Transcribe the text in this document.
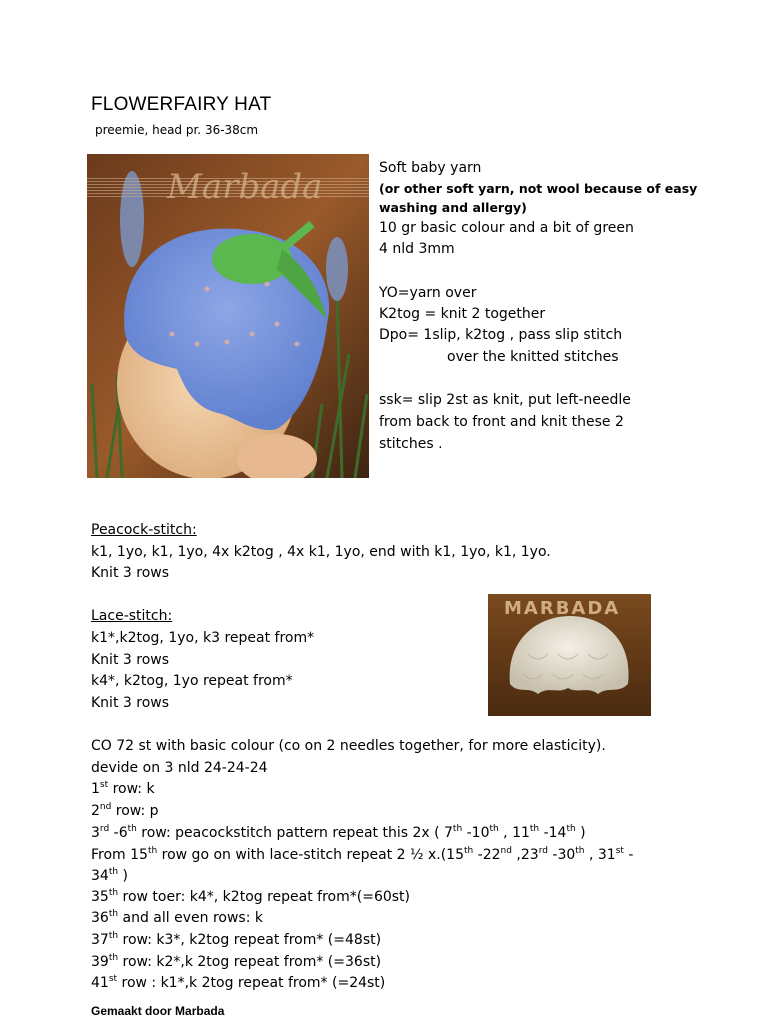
FLOWERFAIRY HAT
preemie, head pr. 36-38cm
Marbada	Soft baby yarn
(or other soft yarn, not wool because of easy
washing and allergy)
10 gr basic colour and a bit of green
4 nld 3mm
YO=yarn over
K2tog = knit 2 together
Dpo= 1slip, k2tog , pass slip stitch
over the knitted stitches
ssk= slip 2st as knit, put left-needle
from back to front and knit these 2
stitches .
Peacock-stitch:
k1, 1yo, k1, 1yo, 4x k2tog , 4x k1, 1yo, end with k1, 1yo, k1, 1yo.
Knit 3 rows
Lace-stitch:
k1*,k2tog, 1yo, k3 repeat from*
Knit 3 rows
k4*, k2tog, 1yo repeat from*
Knit 3 rows
MARBADA
CO 72 st with basic colour (co on 2 needles together, for more elasticity).
devide on 3 nld 24-24-24
1st row: k
2nd row: p
3rd -6th row: peacockstitch pattern repeat this 2x ( 7th -10th , 11th -14th )
From 15th row go on with lace-stitch repeat 2 ½ x.(15th -22nd ,23rd -30th , 31st -
34th )
35th row toer: k4*, k2tog repeat from*(=60st)
36th and all even rows: k
37th row: k3*, k2tog repeat from* (=48st)
39th row: k2*,k 2tog repeat from* (=36st)
41st row : k1*,k 2tog repeat from* (=24st)
Gemaakt door Marbada
